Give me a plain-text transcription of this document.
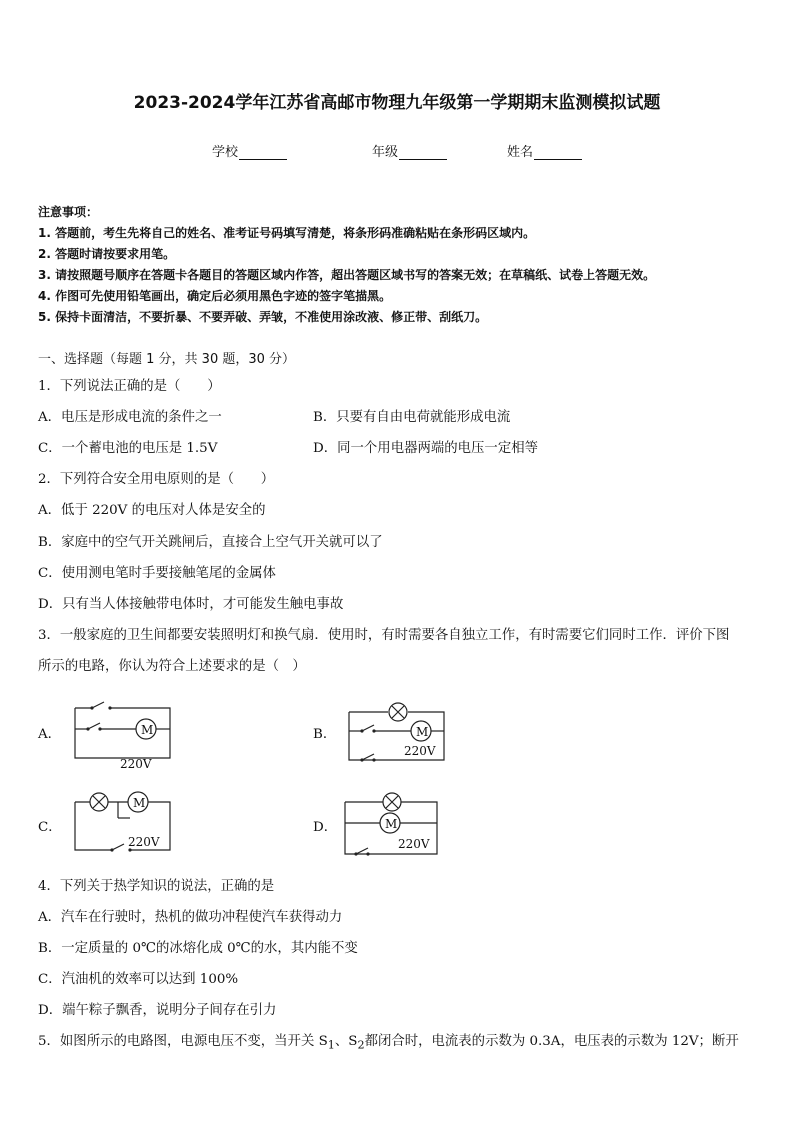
2023-2024学年江苏省高邮市物理九年级第一学期期末监测模拟试题
学校	年级	姓名
注意事项：
1. 答题前，考生先将自己的姓名、准考证号码填写清楚，将条形码准确粘贴在条形码区域内。
2. 答题时请按要求用笔。
3. 请按照题号顺序在答题卡各题目的答题区域内作答，超出答题区域书写的答案无效；在草稿纸、试卷上答题无效。
4. 作图可先使用铅笔画出，确定后必须用黑色字迹的签字笔描黑。
5. 保持卡面清洁，不要折暴、不要弄破、弄皱，不准使用涂改液、修正带、刮纸刀。
一、选择题（每题 1 分，共 30 题，30 分）
1．下列说法正确的是（　　）
A．电压是形成电流的条件之一	B．只要有自由电荷就能形成电流
C．一个蓄电池的电压是 1.5V	D．同一个用电器两端的电压一定相等
2．下列符合安全用电原则的是（　　）
A．低于 220V 的电压对人体是安全的
B．家庭中的空气开关跳闸后，直接合上空气开关就可以了
C．使用测电笔时手要接触笔尾的金属体
D．只有当人体接触带电体时，才可能发生触电事故
3．一般家庭的卫生间都要安装照明灯和换气扇．使用时，有时需要各自独立工作，有时需要它们同时工作．评价下图
所示的电路，你认为符合上述要求的是（　）
A．	B．
C．	D．
M
220V
M
220V
M
220V
M
220V
4．下列关于热学知识的说法，正确的是
A．汽车在行驶时，热机的做功冲程使汽车获得动力
B．一定质量的 0℃的冰熔化成 0℃的水，其内能不变
C．汽油机的效率可以达到 100%
D．端午粽子飘香，说明分子间存在引力
5．如图所示的电路图，电源电压不变，当开关 $S_1$、$S_2$都闭合时，电流表的示数为 0.3A，电压表的示数为 12V；断开
